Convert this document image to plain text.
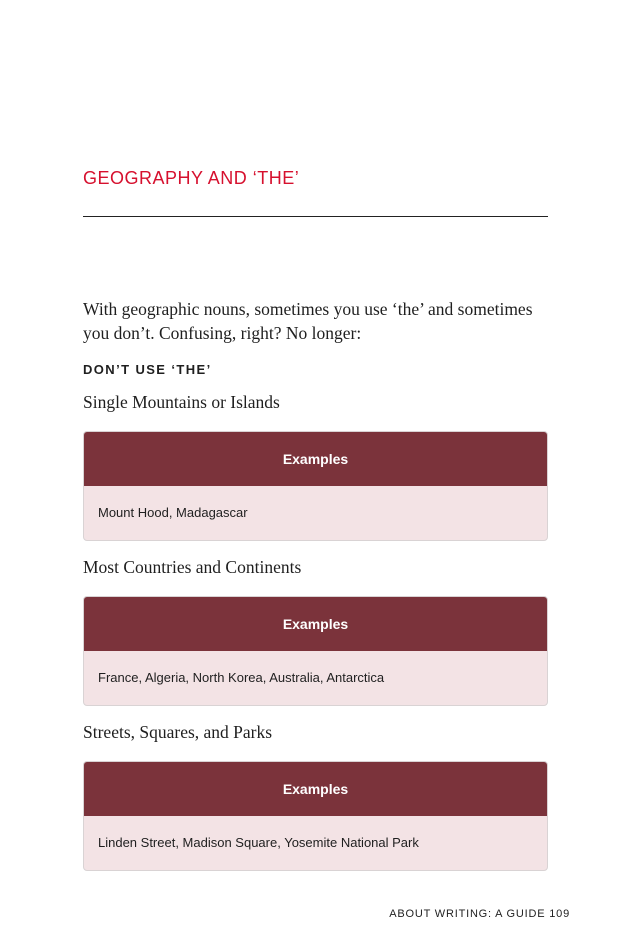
GEOGRAPHY AND ‘THE’

With geographic nouns, sometimes you use ‘the’ and sometimes you don’t. Confusing, right? No longer:

DON’T USE ‘THE’
Single Mountains or Islands
Examples
Mount Hood, Madagascar
Most Countries and Continents
Examples
France, Algeria, North Korea, Australia, Antarctica
Streets, Squares, and Parks
Examples
Linden Street, Madison Square, Yosemite National Park
ABOUT WRITING: A GUIDE 109
